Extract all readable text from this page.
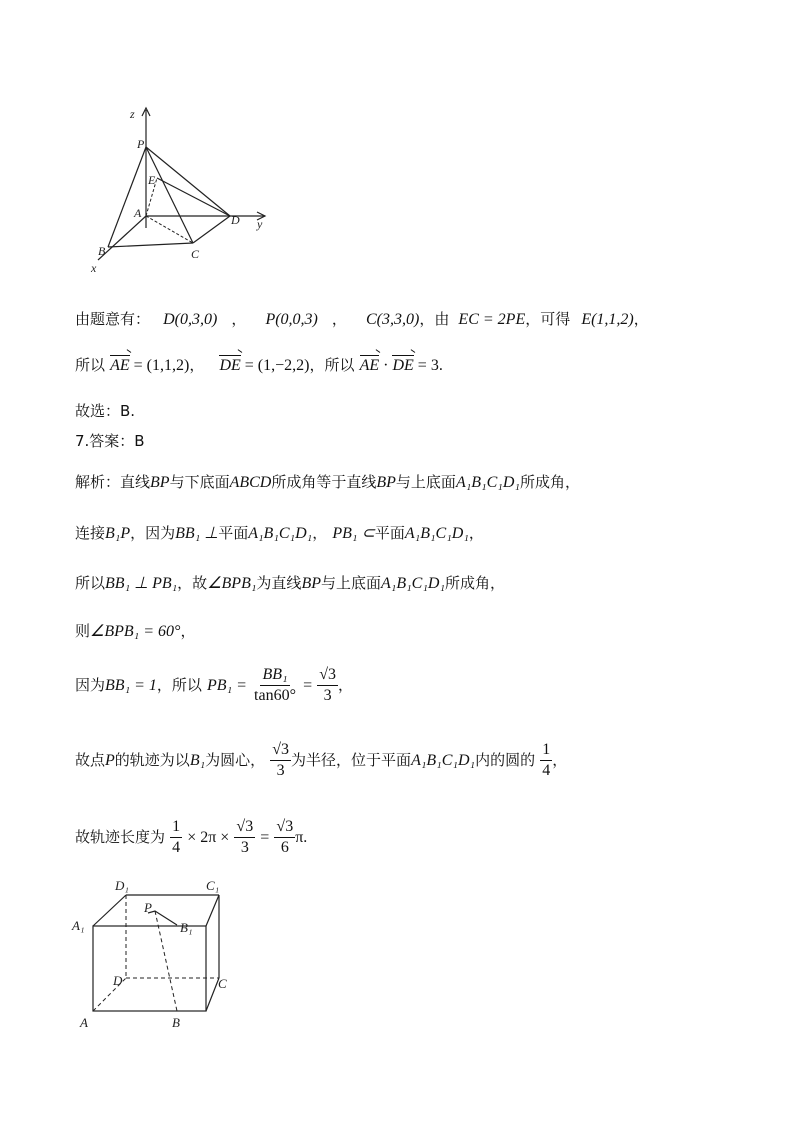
z
P
E
A	D y
B	C
x
由题意有： D(0,3,0) ， P(0,0,3) ， C(3,3,0)，由 EC = 2PE，可得 E(1,1,2)，
所以 AE = (1,1,2)， DE = (1,−2,2)，所以 AE · DE = 3.
故选：B.
7.答案：B
解析：直线BP与下底面ABCD所成角等于直线BP与上底面A₁B₁C₁D₁所成角，
连接B₁P，因为BB₁ ⊥平面A₁B₁C₁D₁， PB₁ ⊂平面A₁B₁C₁D₁，
所以BB₁ ⊥ PB₁，故∠BPB₁为直线BP与上底面A₁B₁C₁D₁所成角，
则∠BPB₁ = 60°，
因为BB₁ = 1，所以 $PB_1 = \frac{\text{BB₁}}{\tan 60^\circ} = \frac{√3}{3}$ ，
故点P的轨迹为以B₁为圆心， $\frac{√3}{3}$ 为半径，位于平面A₁B₁C₁D₁内的圆的 $\frac{1}{4}$ ，
故轨迹长度为 $\frac{1}{4} \times 2\pi \times \frac{√3}{3} = \frac{√3}{6} \pi$.
D₁	C₁
P
A₁	B₁
D	C
A	B
